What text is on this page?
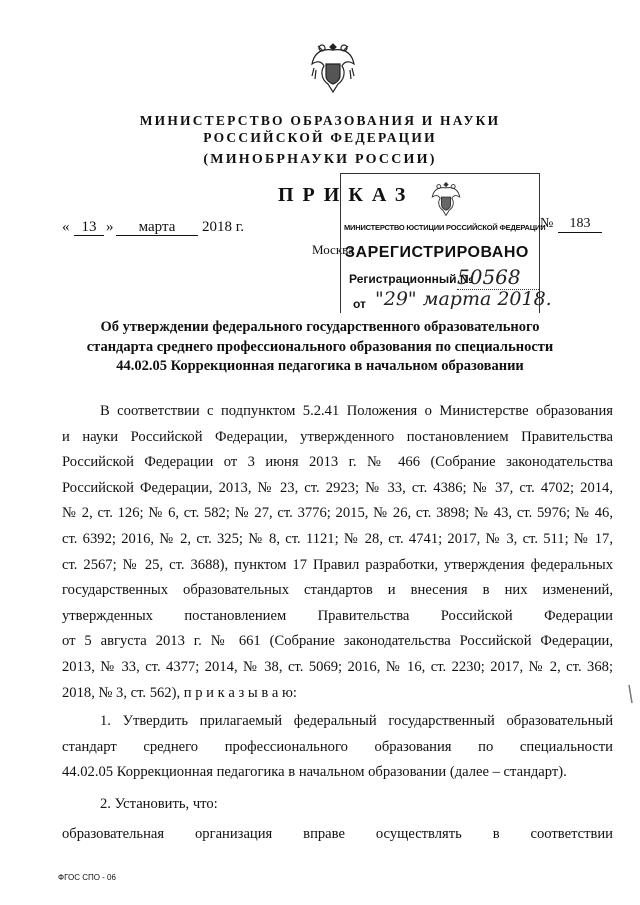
МИНИСТЕРСТВО ОБРАЗОВАНИЯ И НАУКИ
РОССИЙСКОЙ ФЕДЕРАЦИИ
(МИНОБРНАУКИ РОССИИ)
ПРИКАЗ
« 13 »	марта	2018 г.
Москва
МИНИСТЕРСТВО ЮСТИЦИИ РОССИЙСКОЙ ФЕДЕРАЦИИ
ЗАРЕГИСТРИРОВАНО
Регистрационный №
50568
от "29" марта 2018.
№	183
Об утверждении федерального государственного образовательного
стандарта среднего профессионального образования по специальности
44.02.05 Коррекционная педагогика в начальном образовании
В соответствии с подпунктом 5.2.41 Положения о Министерстве образования
и науки Российской Федерации, утвержденного постановлением Правительства
Российской Федерации от 3 июня 2013 г. № 466 (Собрание законодательства
Российской Федерации, 2013, № 23, ст. 2923; № 33, ст. 4386; № 37, ст. 4702; 2014,
№ 2, ст. 126; № 6, ст. 582; № 27, ст. 3776; 2015, № 26, ст. 3898; № 43, ст. 5976; № 46,
ст. 6392; 2016, № 2, ст. 325; № 8, ст. 1121; № 28, ст. 4741; 2017, № 3, ст. 511; № 17,
ст. 2567; № 25, ст. 3688), пунктом 17 Правил разработки, утверждения федеральных
государственных образовательных стандартов и внесения в них изменений,
утвержденных постановлением Правительства Российской Федерации
от 5 августа 2013 г. № 661 (Собрание законодательства Российской Федерации,
2013, № 33, ст. 4377; 2014, № 38, ст. 5069; 2016, № 16, ст. 2230; 2017, № 2, ст. 368;
2018, № 3, ст. 562), п р и к а з ы в а ю:
1. Утвердить прилагаемый федеральный государственный образовательный
стандарт среднего профессионального образования по специальности
44.02.05 Коррекционная педагогика в начальном образовании (далее – стандарт).
2. Установить, что:
образовательная организация вправе осуществлять в соответствии
ФГОС СПО - 06
